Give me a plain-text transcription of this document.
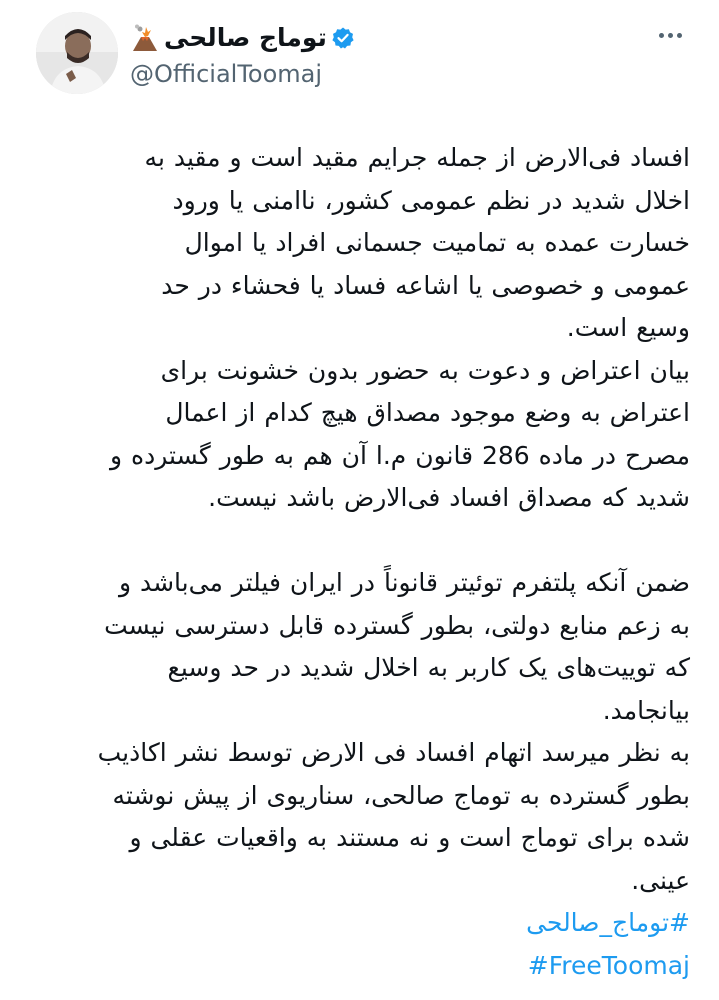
توماج صالحی
@OfficialToomaj
افساد فی‌الارض از جمله جرایم مقید است و مقید به
اخلال شدید در نظم عمومی کشور، ناامنی یا ورود
خسارت عمده به تمامیت جسمانی افراد یا اموال
عمومی و خصوصی یا اشاعه فساد یا فحشاء در حد
وسیع است.
بیان اعتراض و دعوت به حضور بدون خشونت برای
اعتراض به وضع موجود مصداق هیچ کدام از اعمال
مصرح در ماده 286 قانون م.ا آن هم به طور گسترده و
شدید که مصداق افساد فی‌الارض باشد نیست.
ضمن آنکه پلتفرم توئیتر قانوناً در ایران فیلتر می‌باشد و
به زعم منابع دولتی، بطور گسترده قابل دسترسی نیست
که توییت‌های یک کاربر به اخلال شدید در حد وسیع
بیانجامد.
به نظر میرسد اتهام افساد فی الارض توسط نشر اکاذیب
بطور گسترده به توماج صالحی، سناریوی از پیش نوشته
شده برای توماج است و نه مستند به واقعیات عقلی و
عینی.
#توماج_صالحی
#FreeToomaj
